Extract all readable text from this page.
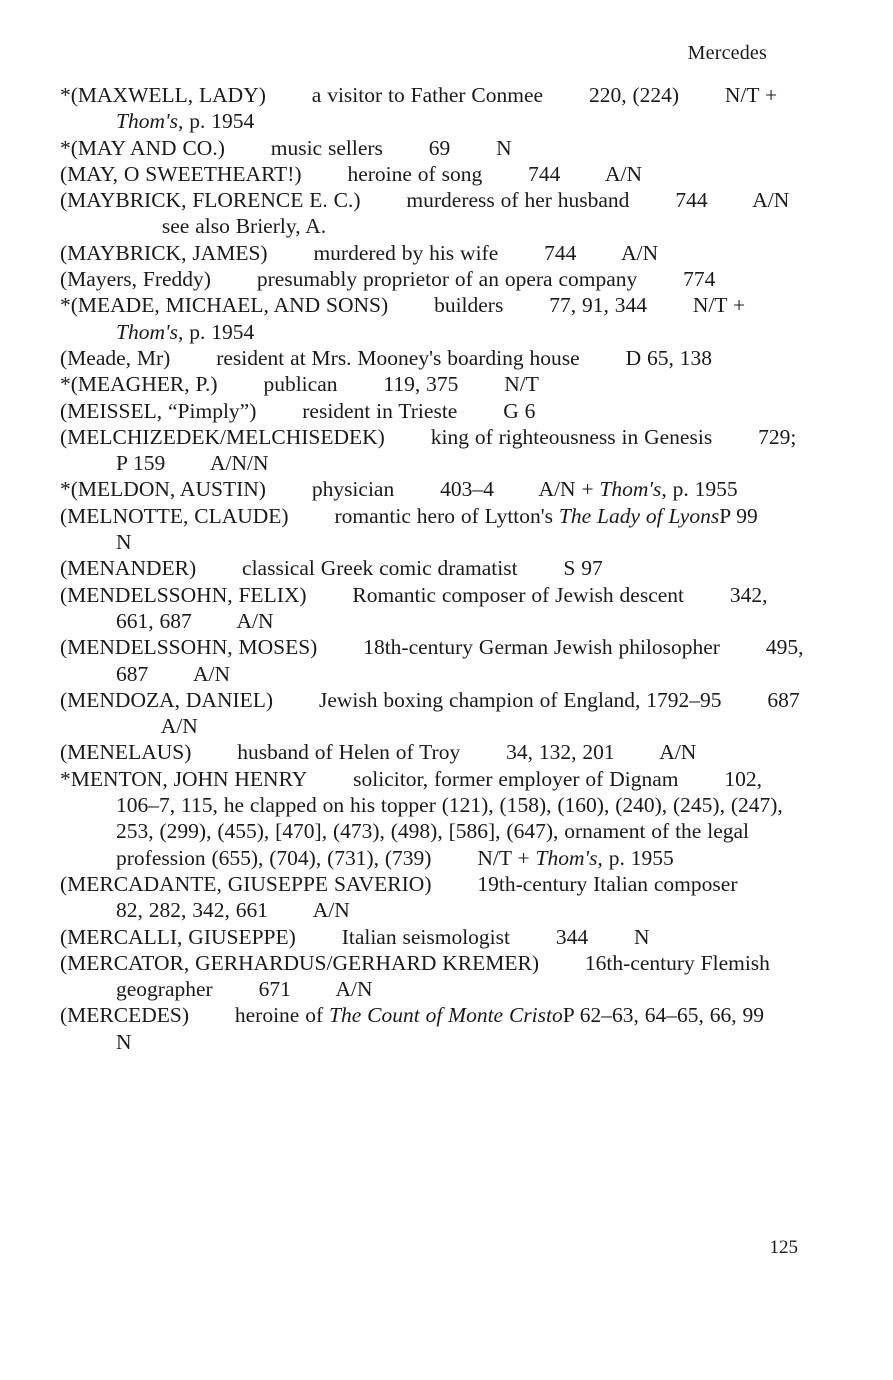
Mercedes
*(MAXWELL, LADY) a visitor to Father Conmee 220, (224) N/T + Thom's, p. 1954
*(MAY AND CO.) music sellers 69 N
(MAY, O SWEETHEART!) heroine of song 744 A/N
(MAYBRICK, FLORENCE E. C.) murderess of her husband 744 A/N see also Brierly, A.
(MAYBRICK, JAMES) murdered by his wife 744 A/N
(Mayers, Freddy) presumably proprietor of an opera company 774
*(MEADE, MICHAEL, AND SONS) builders 77, 91, 344 N/T + Thom's, p. 1954
(Meade, Mr) resident at Mrs. Mooney's boarding house D 65, 138
*(MEAGHER, P.) publican 119, 375 N/T
(MEISSEL, “Pimply”) resident in Trieste G 6
(MELCHIZEDEK/MELCHISEDEK) king of righteousness in Genesis 729; P 159 A/N/N
*(MELDON, AUSTIN) physician 403–4 A/N + Thom's, p. 1955
(MELNOTTE, CLAUDE) romantic hero of Lytton's The Lady of LyonsP 99 N
(MENANDER) classical Greek comic dramatist S 97
(MENDELSSOHN, FELIX) Romantic composer of Jewish descent 342, 661, 687 A/N
(MENDELSSOHN, MOSES) 18th-century German Jewish philosopher 495, 687 A/N
(MENDOZA, DANIEL) Jewish boxing champion of England, 1792–95 687 A/N
(MENELAUS) husband of Helen of Troy 34, 132, 201 A/N
*MENTON, JOHN HENRY solicitor, former employer of Dignam 102, 106–7, 115, he clapped on his topper (121), (158), (160), (240), (245), (247), 253, (299), (455), [470], (473), (498), [586], (647), ornament of the legal profession (655), (704), (731), (739) N/T + Thom's, p. 1955
(MERCADANTE, GIUSEPPE SAVERIO) 19th-century Italian composer 82, 282, 342, 661 A/N
(MERCALLI, GIUSEPPE) Italian seismologist 344 N
(MERCATOR, GERHARDUS/GERHARD KREMER) 16th-century Flemish geographer 671 A/N
(MERCEDES) heroine of The Count of Monte CristoP 62–63, 64–65, 66, 99 N
125
